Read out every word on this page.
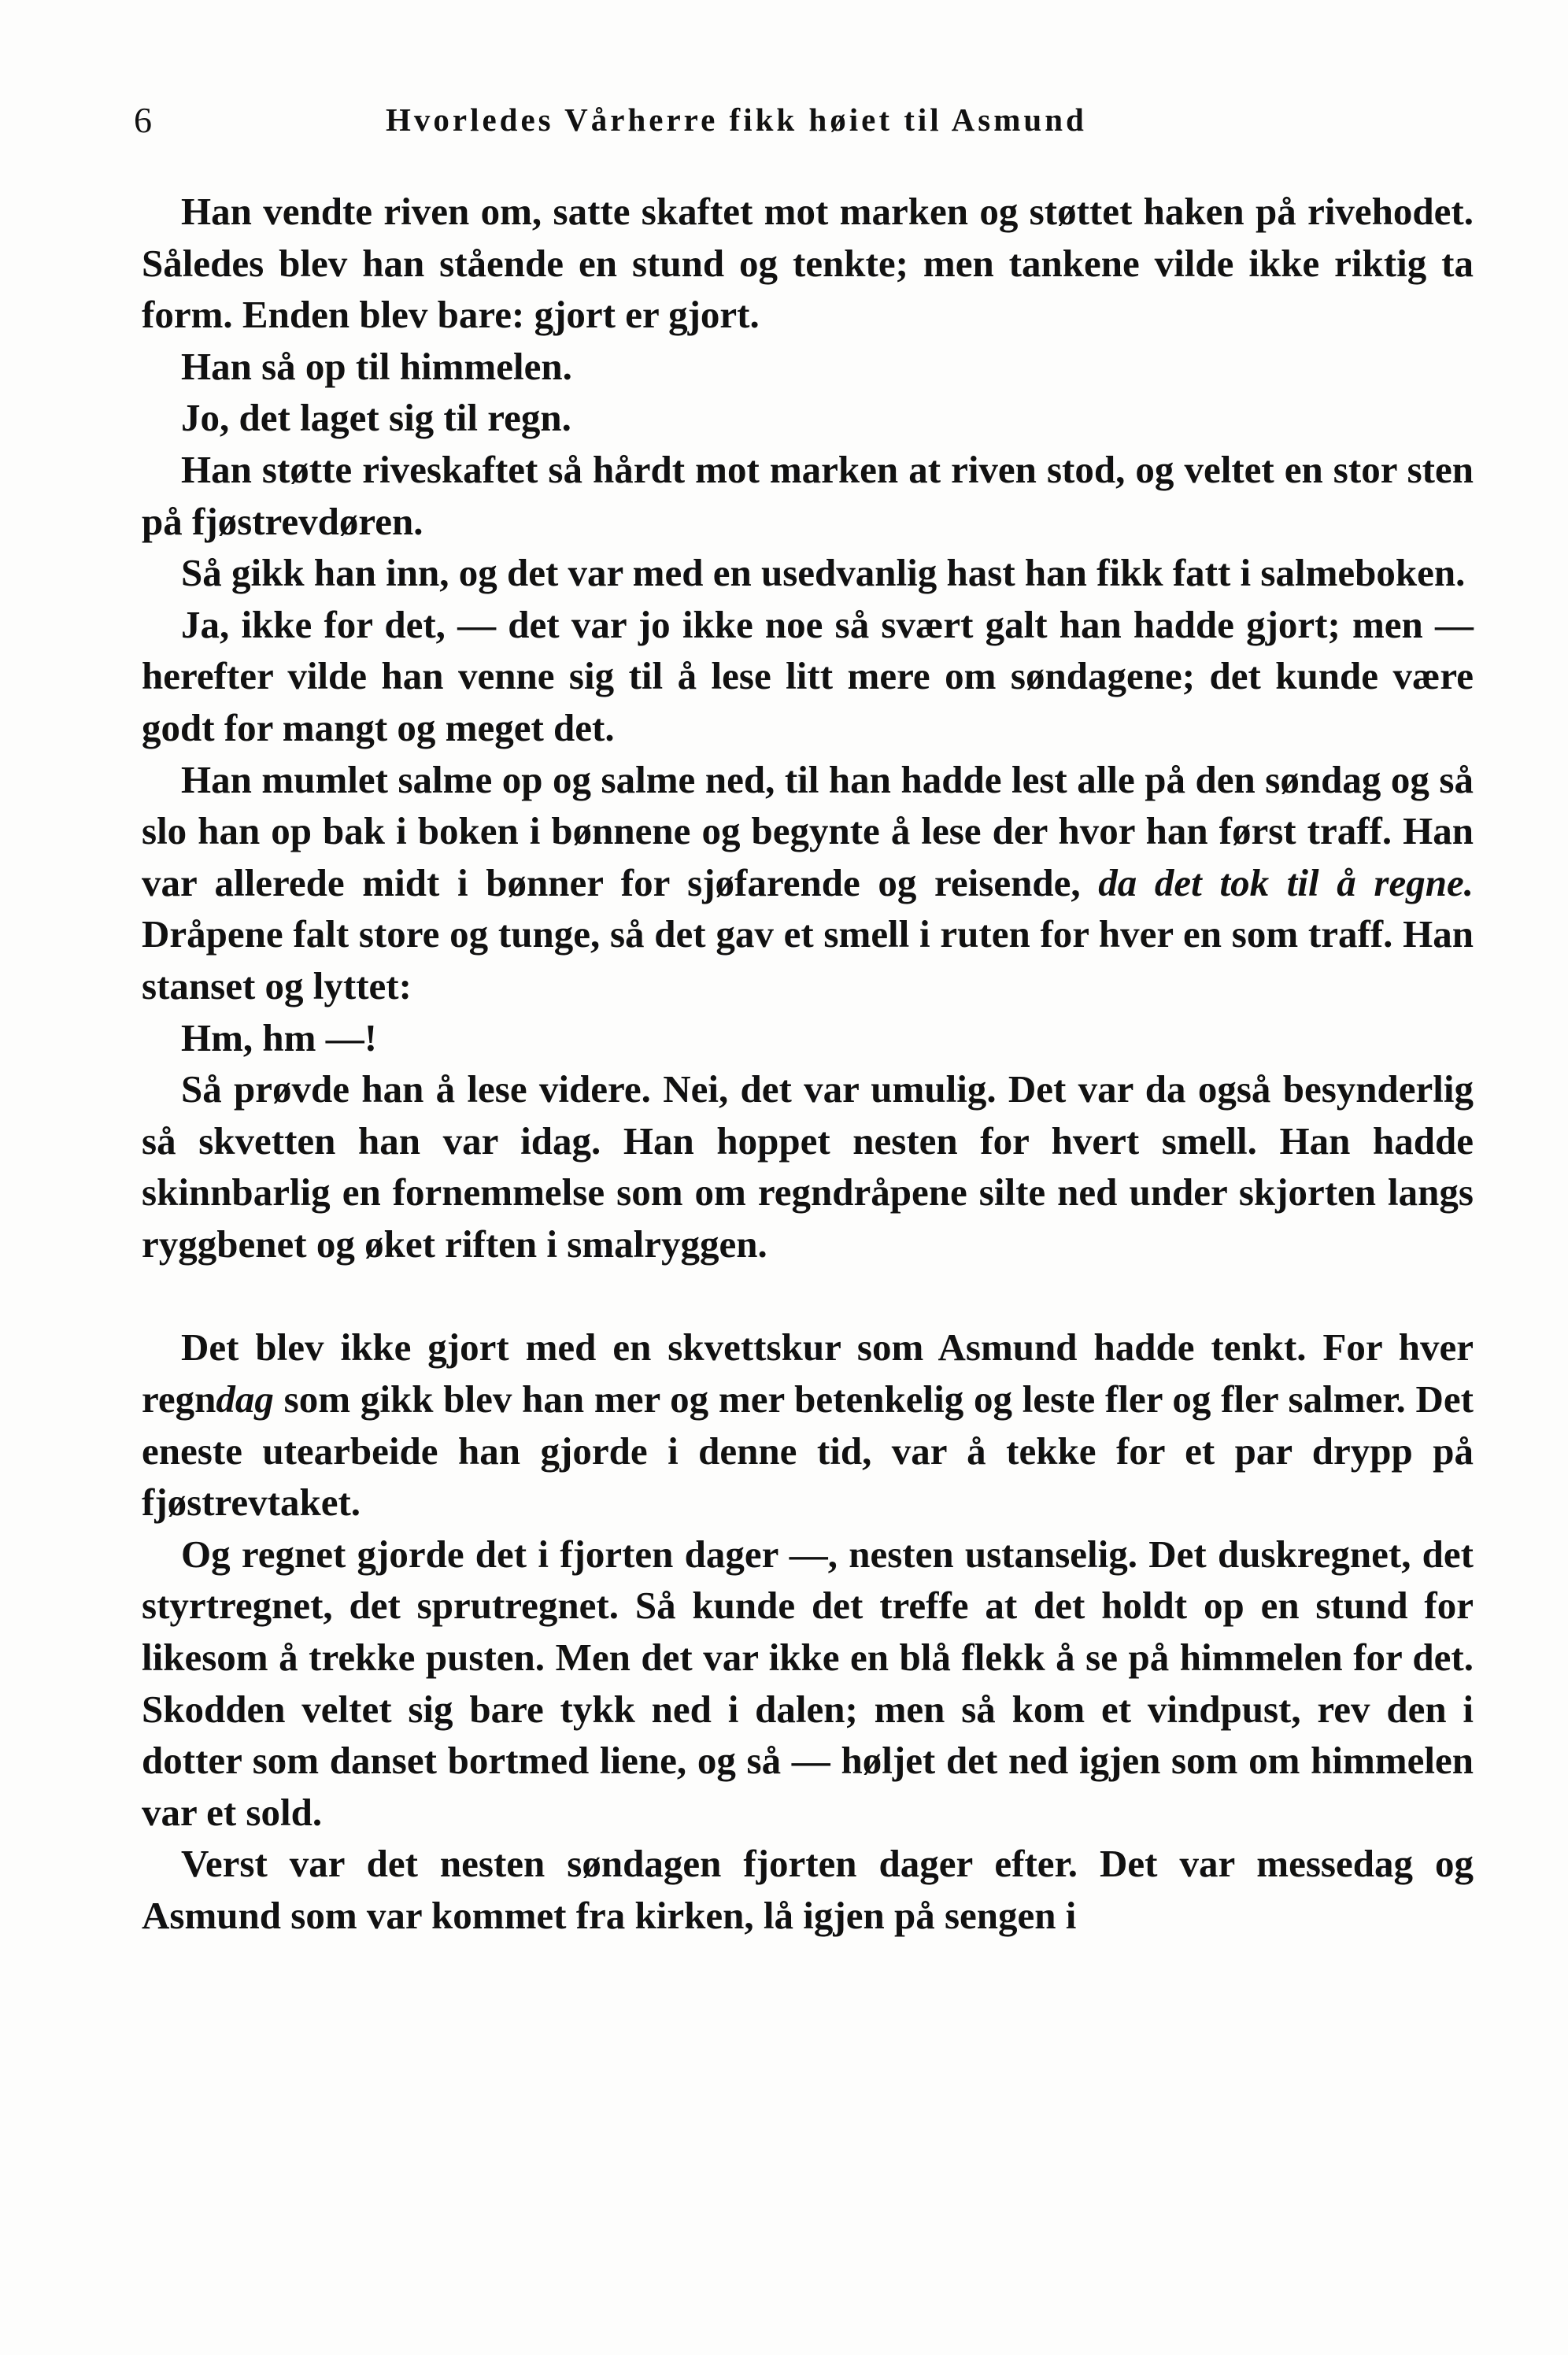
6	Hvorledes Vårherre fikk høiet til Asmund

Han vendte riven om, satte skaftet mot marken og støttet haken på rivehodet. Således blev han stående en stund og tenkte; men tankene vilde ikke riktig ta form. Enden blev bare: gjort er gjort.

Han så op til himmelen.

Jo, det laget sig til regn.

Han støtte riveskaftet så hårdt mot marken at riven stod, og veltet en stor sten på fjøstrevdøren.

Så gikk han inn, og det var med en usedvanlig hast han fikk fatt i salmeboken.

Ja, ikke for det, — det var jo ikke noe så svært galt han hadde gjort; men — herefter vilde han venne sig til å lese litt mere om søndagene; det kunde være godt for mangt og meget det.

Han mumlet salme op og salme ned, til han hadde lest alle på den søndag og så slo han op bak i boken i bønnene og begynte å lese der hvor han først traff. Han var allerede midt i bønner for sjøfarende og reisende, da det tok til å regne. Dråpene falt store og tunge, så det gav et smell i ruten for hver en som traff. Han stanset og lyttet:

Hm, hm —!

Så prøvde han å lese videre. Nei, det var umulig. Det var da også besynderlig så skvetten han var idag. Han hoppet nesten for hvert smell. Han hadde skinnbarlig en fornemmelse som om regndråpene silte ned under skjorten langs ryggbenet og øket riften i smalryggen.

Det blev ikke gjort med en skvettskur som Asmund hadde tenkt. For hver regndag som gikk blev han mer og mer betenkelig og leste fler og fler salmer. Det eneste utearbeide han gjorde i denne tid, var å tekke for et par drypp på fjøstrevtaket.

Og regnet gjorde det i fjorten dager —, nesten ustanselig. Det duskregnet, det styrtregnet, det sprutregnet. Så kunde det treffe at det holdt op en stund for likesom å trekke pusten. Men det var ikke en blå flekk å se på himmelen for det. Skodden veltet sig bare tykk ned i dalen; men så kom et vindpust, rev den i dotter som danset bortmed liene, og så — høljet det ned igjen som om himmelen var et sold.

Verst var det nesten søndagen fjorten dager efter. Det var messedag og Asmund som var kommet fra kirken, lå igjen på sengen i
